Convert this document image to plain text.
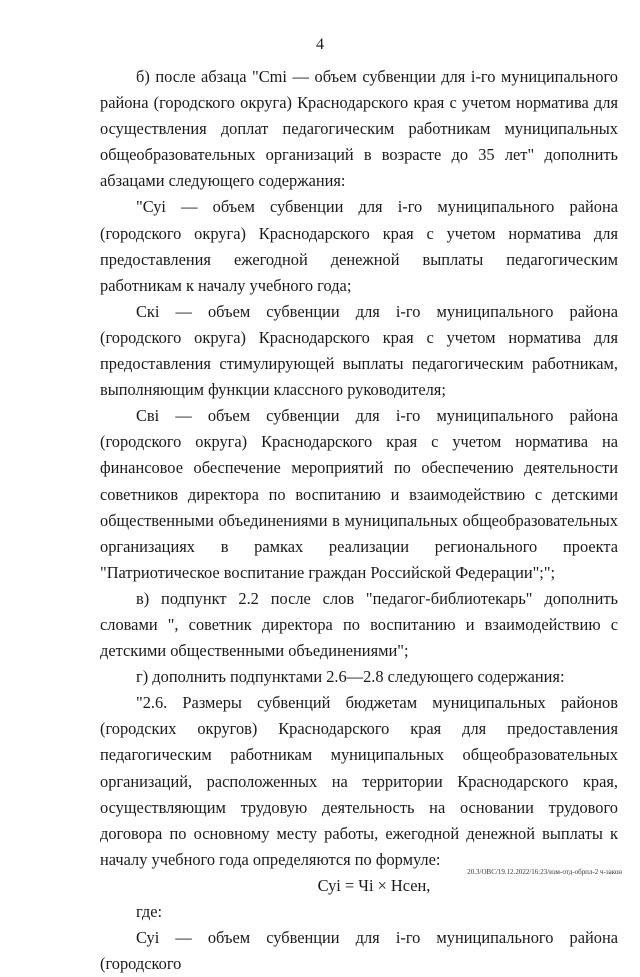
4

б) после абзаца "Сmі — объем субвенции для і-го муниципального района (городского округа) Краснодарского края с учетом норматива для осуществления доплат педагогическим работникам муниципальных общеобразовательных организаций в возрасте до 35 лет" дополнить абзацами следующего содержания:

"Суі — объем субвенции для і-го муниципального района (городского округа) Краснодарского края с учетом норматива для предоставления ежегодной денежной выплаты педагогическим работникам к началу учебного года;

Скі — объем субвенции для і-го муниципального района (городского округа) Краснодарского края с учетом норматива для предоставления стимулирующей выплаты педагогическим работникам, выполняющим функции классного руководителя;

Свi — объем субвенции для і-го муниципального района (городского округа) Краснодарского края с учетом норматива на финансовое обеспечение мероприятий по обеспечению деятельности советников директора по воспитанию и взаимодействию с детскими общественными объединениями в муниципальных общеобразовательных организациях в рамках реализации регионального проекта "Патриотическое воспитание граждан Российской Федерации";";

в) подпункт 2.2 после слов "педагог-библиотекарь" дополнить словами ", советник директора по воспитанию и взаимодействию с детскими общественными объединениями";

г) дополнить подпунктами 2.6—2.8 следующего содержания:

"2.6. Размеры субвенций бюджетам муниципальных районов (городских округов) Краснодарского края для предоставления педагогическим работникам муниципальных общеобразовательных организаций, расположенных на территории Краснодарского края, осуществляющим трудовую деятельность на основании трудового договора по основному месту работы, ежегодной денежной выплаты к началу учебного года определяются по формуле:

Суі = Чі × Нсен,

где:

Суі — объем субвенции для і-го муниципального района (городского

20.3/ОВС/19.12.2022/16:23/изм-отд-обрпл-2 ч-закон
